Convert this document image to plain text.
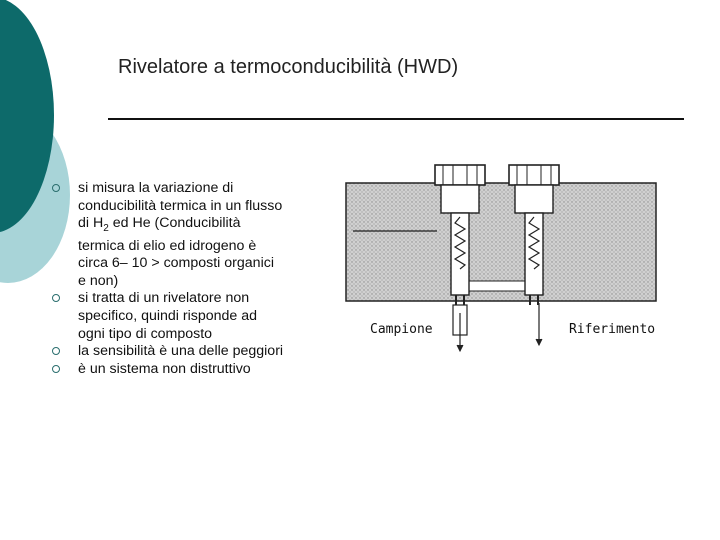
Rivelatore a termoconducibilità (HWD)
si misura la variazione di
conducibilità termica in un flusso
di $H_2$ ed He (Conducibilità
termica di elio ed idrogeno è
circa 6– 10 > composti organici
e non)
si tratta di un rivelatore non
specifico, quindi risponde ad
ogni tipo di composto
la sensibilità è una delle peggiori
è un sistema non distruttivo
Campione	Riferimento
